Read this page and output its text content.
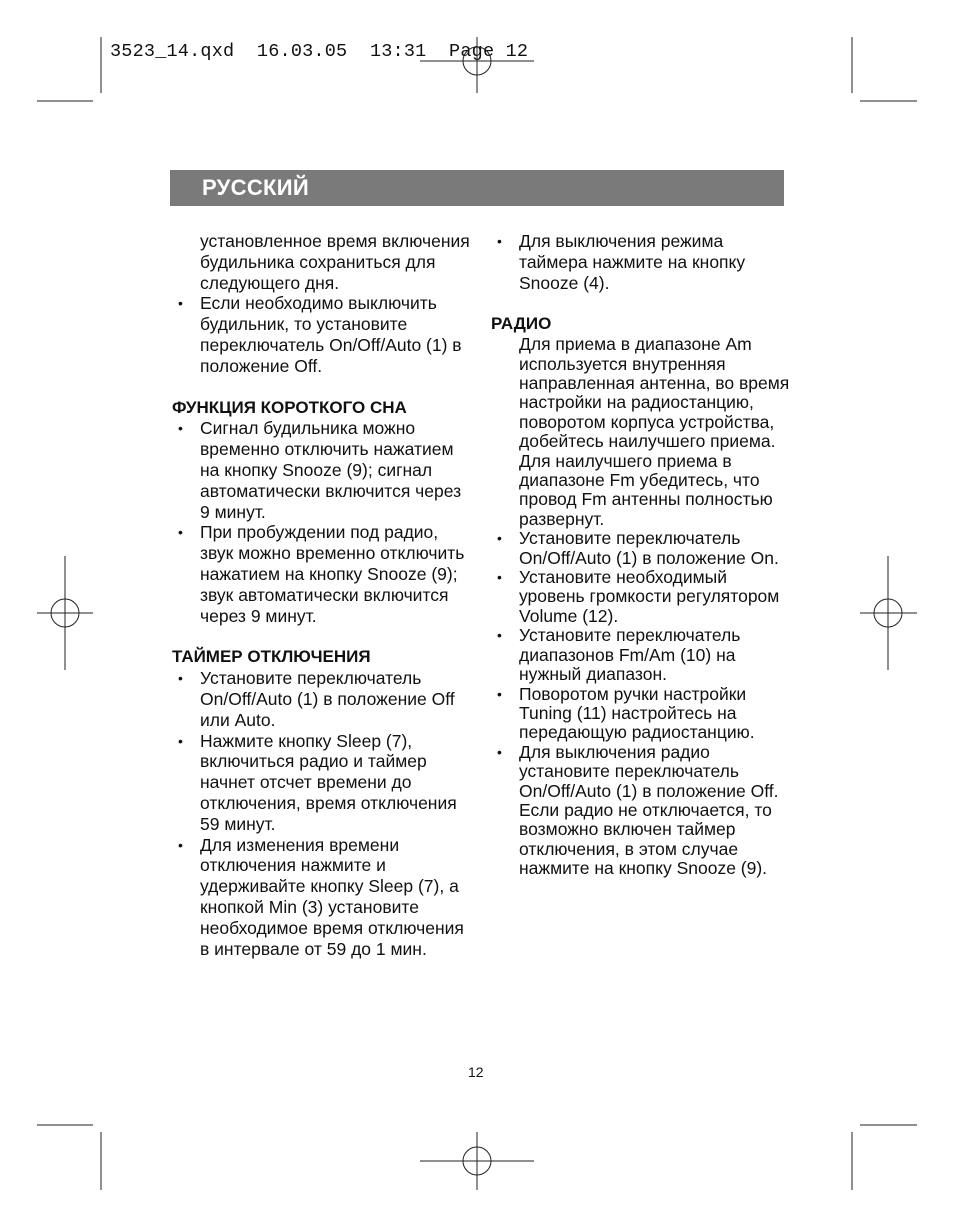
3523_14.qxd  16.03.05  13:31  Page 12
РУССКИЙ

установленное время включения будильника сохраниться для следующего дня.

• Если необходимо выключить будильник, то установите переключатель On/Off/Auto (1) в положение Off.

ФУНКЦИЯ КОРОТКОГО СНА

• Сигнал будильника можно временно отключить нажатием на кнопку Snooze (9); сигнал автоматически включится через 9 минут.
• При пробуждении под радио, звук можно временно отключить нажатием на кнопку Snooze (9); звук автоматически включится через 9 минут.

ТАЙМЕР ОТКЛЮЧЕНИЯ

• Установите переключатель On/Off/Auto (1) в положение Off или Auto.
• Нажмите кнопку Sleep (7), включиться радио и таймер начнет отсчет времени до отключения, время отключения 59 минут.
• Для изменения времени отключения нажмите и удерживайте кнопку Sleep (7), а кнопкой Min (3) установите необходимое время отключения в интервале от 59 до 1 мин.
• Для выключения режима таймера нажмите на кнопку Snooze (4).

РАДИО

Для приема в диапазоне Am используется внутренняя направленная антенна, во время настройки на радиостанцию, поворотом корпуса устройства, добейтесь наилучшего приема.

Для наилучшего приема в диапазоне Fm убедитесь, что провод Fm антенны полностью развернут.

• Установите переключатель On/Off/Auto (1) в положение On.
• Установите необходимый уровень громкости регулятором Volume (12).
• Установите переключатель диапазонов Fm/Am (10) на нужный диапазон.
• Поворотом ручки настройки Tuning (11) настройтесь на передающую радиостанцию.
• Для выключения радио установите переключатель On/Off/Auto (1) в положение Off. Если радио не отключается, то возможно включен таймер отключения, в этом случае нажмите на кнопку Snooze (9).
12
